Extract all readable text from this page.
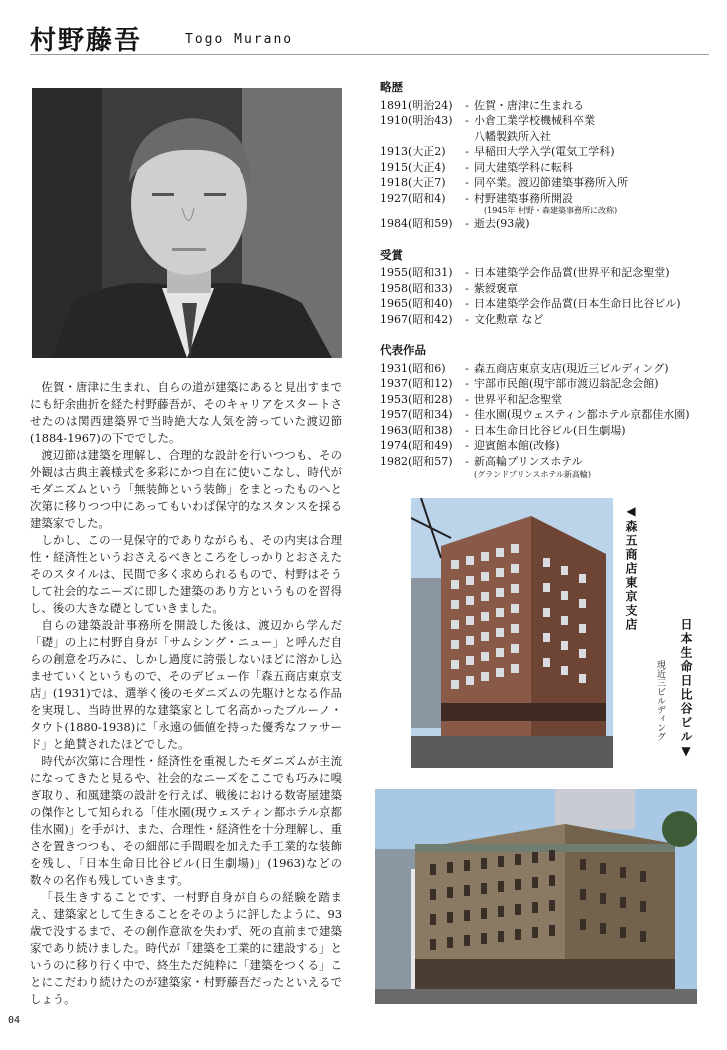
村野藤吾	Togo Murano

佐賀・唐津に生まれ、自らの道が建築にあると見出すまでにも紆余曲折を経た村野藤吾が、そのキャリアをスタートさせたのは関西建築界で当時絶大な人気を誇っていた渡辺節(1884-1967)の下ででした。

渡辺節は建築を理解し、合理的な設計を行いつつも、その外観は古典主義様式を多彩にかつ自在に使いこなし、時代がモダニズムという「無装飾という装飾」をまとったものへと次第に移りつつ中にあってもいわば保守的なスタンスを採る建築家でした。

しかし、この一見保守的でありながらも、その内実は合理性・経済性というおさえるべきところをしっかりとおさえたそのスタイルは、民間で多く求められるもので、村野はそうして社会的なニーズに即した建築のあり方というものを習得し、後の大きな礎としていきました。

自らの建築設計事務所を開設した後は、渡辺から学んだ「礎」の上に村野自身が「サムシング・ニュー」と呼んだ自らの創意を巧みに、しかし過度に誇張しないほどに溶かし込ませていくというもので、そのデビュー作「森五商店東京支店」(1931)では、選挙く後のモダニズムの先駆けとなる作品を実現し、当時世界的な建築家として名高かったブルーノ・タウト(1880-1938)に「永遠の価値を持った優秀なファサード」と絶賛されたほどでした。

時代が次第に合理性・経済性を重視したモダニズムが主流になってきたと見るや、社会的なニーズをここでも巧みに嗅ぎ取り、和風建築の設計を行えば、戦後における数寄屋建築の傑作として知られる「佳水園(現ウェスティン都ホテル京都佳水園)」を手がけ、また、合理性・経済性を十分理解し、重さを置きつつも、その細部に手間暇を加えた手工業的な装飾を残し、「日本生命日比谷ビル(日生劇場)」(1963)などの数々の名作も残していきます。

「長生きすることです、一村野自身が自らの経験を踏まえ、建築家として生きることをそのように評したように、93歳で没するまで、その創作意欲を失わず、死の直前まで建築家であり続けました。時代が「建築を工業的に建設する」というのに移り行く中で、終生ただ純粋に「建築をつくる」ことにこだわり続けたのが建築家・村野藤吾だったといえるでしょう。

略歴
1891(明治24)	- 佐賀・唐津に生まれる
1910(明治43)	- 小倉工業学校機械科卒業
八幡製鉄所入社
1913(大正2)	- 早稲田大学入学(電気工学科)
1915(大正4)	- 同大建築学科に転科
1918(大正7)	- 同卒業。渡辺節建築事務所入所
1927(昭和4)	- 村野建築事務所開設
(1945年 村野・森建築事務所に改称)
1984(昭和59)	- 逝去(93歳)
受賞
1955(昭和31)	- 日本建築学会作品賞(世界平和記念聖堂)
1958(昭和33)	- 紫綬褒章
1965(昭和40)	- 日本建築学会作品賞(日本生命日比谷ビル)
1967(昭和42)	- 文化勲章 など
代表作品
1931(昭和6)	- 森五商店東京支店(現近三ビルディング)
1937(昭和12)	- 宇部市民館(現宇部市渡辺翁記念会館)
1953(昭和28)	- 世界平和記念聖堂
1957(昭和34)	- 佳水園(現ウェスティン都ホテル京都佳水園)
1963(昭和38)	- 日本生命日比谷ビル(日生劇場)
1974(昭和49)	- 迎賓館本館(改修)
1982(昭和57)	- 新高輪プリンスホテル
(グランドプリンスホテル新高輪)
◀森五商店東京支店
現近三ビルディング 日本生命日比谷ビル▼
04
